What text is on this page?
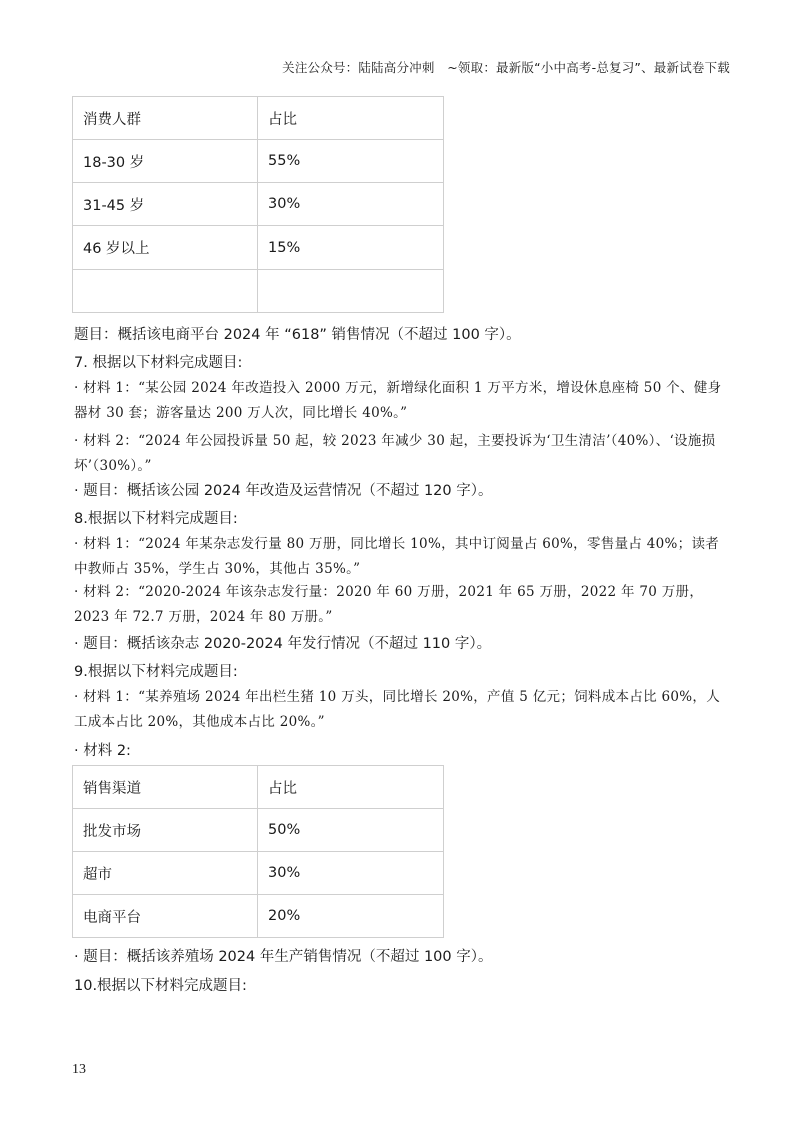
关注公众号：陆陆高分冲刺　~领取：最新版“小中高考-总复习”、最新试卷下载
消费人群	占比
18-30 岁	55%
31-45 岁	30%
46 岁以上	15%

题目：概括该电商平台 2024 年 “618” 销售情况（不超过 100 字）。
7. 根据以下材料完成题目:
· 材料 1：“某公园 2024 年改造投入 2000 万元，新增绿化面积 1 万平方米，增设休息座椅 50 个、健身器材 30 套；游客量达 200 万人次，同比增长 40%。”
· 材料 2：“2024 年公园投诉量 50 起，较 2023 年减少 30 起，主要投诉为‘卫生清洁’（40%）、‘设施损坏’（30%）。”
· 题目：概括该公园 2024 年改造及运营情况（不超过 120 字）。
8.根据以下材料完成题目:
· 材料 1：“2024 年某杂志发行量 80 万册，同比增长 10%，其中订阅量占 60%，零售量占 40%；读者中教师占 35%，学生占 30%，其他占 35%。”
· 材料 2：“2020-2024 年该杂志发行量：2020 年 60 万册，2021 年 65 万册，2022 年 70 万册，2023 年 72.7 万册，2024 年 80 万册。”
· 题目：概括该杂志 2020-2024 年发行情况（不超过 110 字）。
9.根据以下材料完成题目:
· 材料 1：“某养殖场 2024 年出栏生猪 10 万头，同比增长 20%，产值 5 亿元；饲料成本占比 60%，人工成本占比 20%，其他成本占比 20%。”
· 材料 2:
销售渠道	占比
批发市场	50%
超市	30%
电商平台	20%
· 题目：概括该养殖场 2024 年生产销售情况（不超过 100 字）。
10.根据以下材料完成题目:
13
